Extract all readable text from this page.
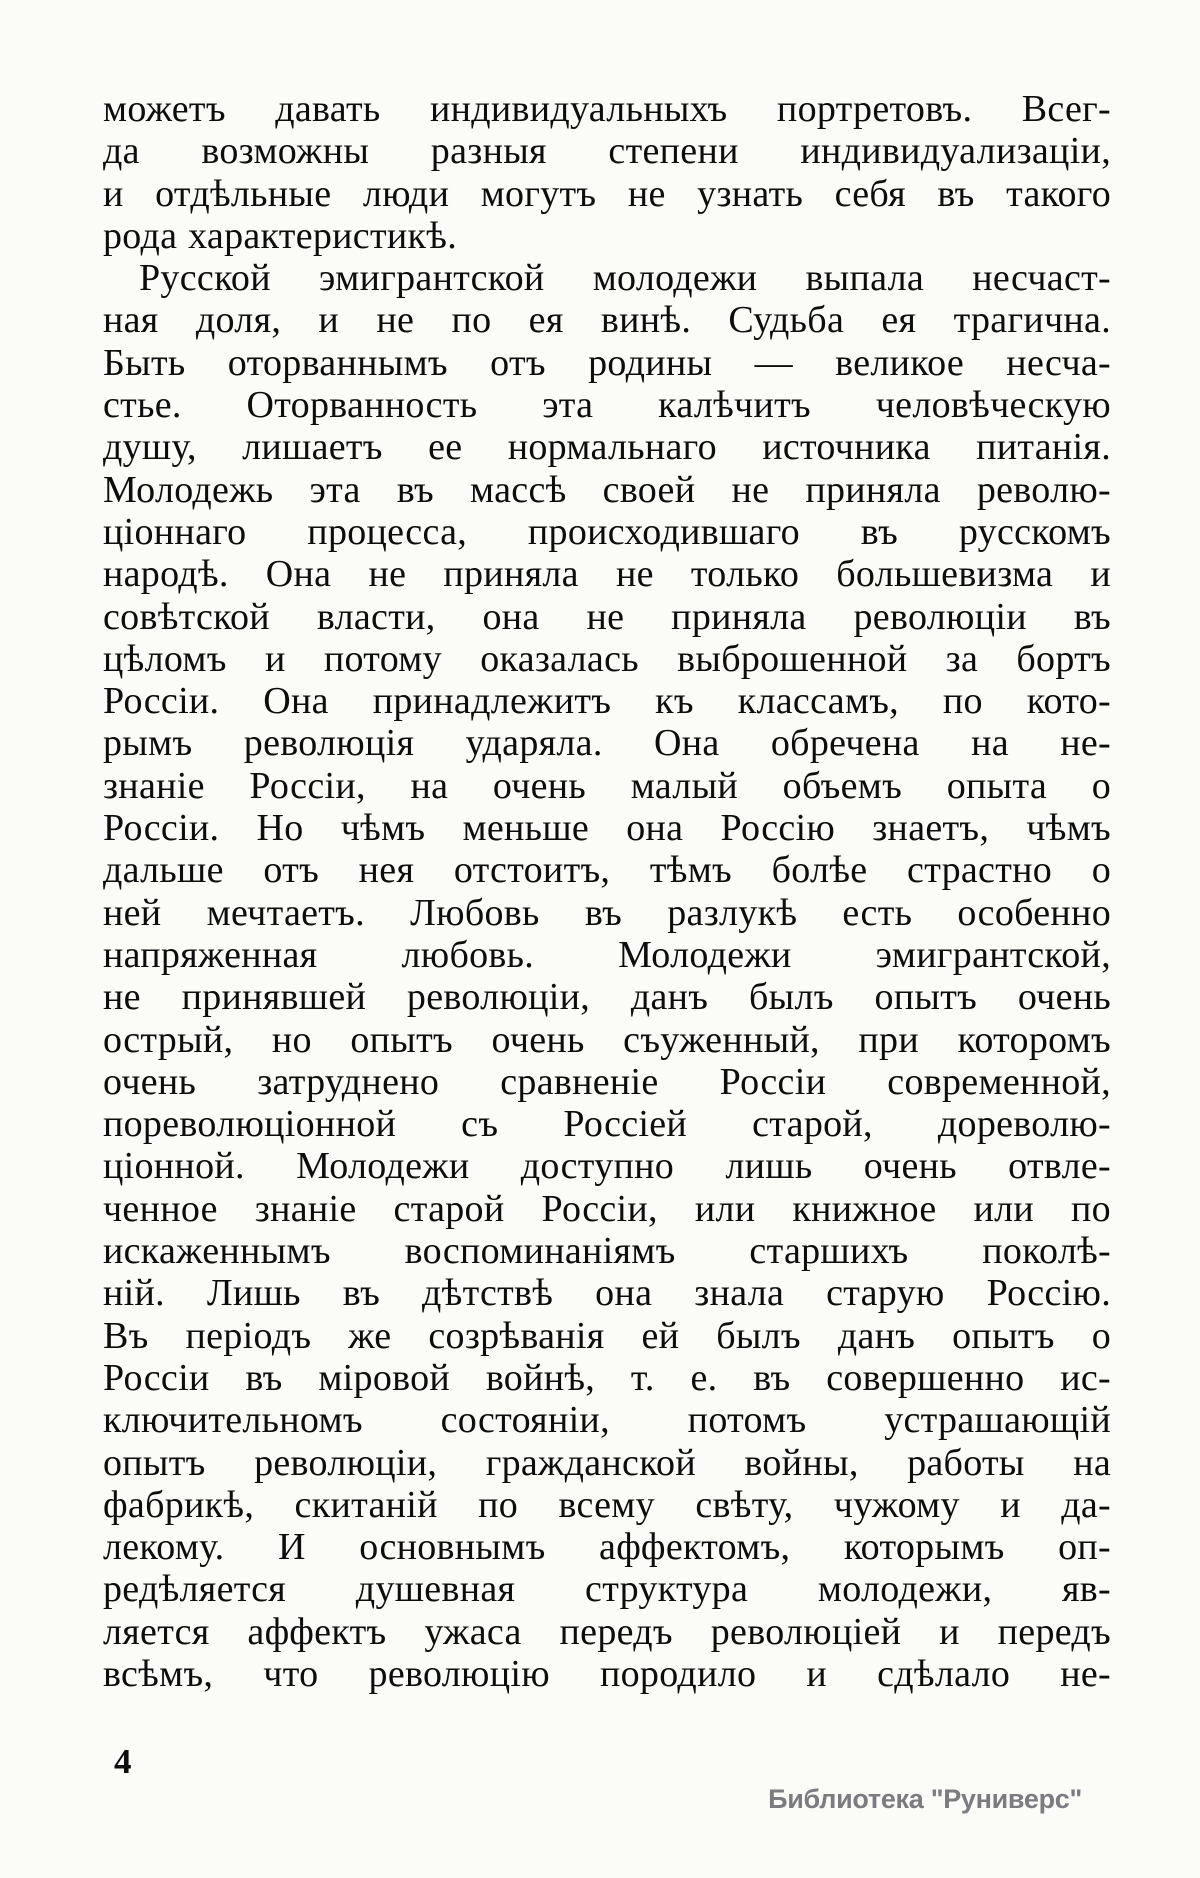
можетъ давать индивидуальныхъ портретовъ. Всег-
да возможны разныя степени индивидуализаціи,
и отдѣльные люди могутъ не узнать себя въ такого
рода характеристикѣ.
Русской эмигрантской молодежи выпала несчаст-
ная доля, и не по ея винѣ. Судьба ея трагична.
Быть оторваннымъ отъ родины — великое несча-
стье. Оторванность эта калѣчитъ человѣческую
душу, лишаетъ ее нормальнаго источника питанія.
Молодежь эта въ массѣ своей не приняла револю-
ціоннаго процесса, происходившаго въ русскомъ
народѣ. Она не приняла не только большевизма и
совѣтской власти, она не приняла революціи въ
цѣломъ и потому оказалась выброшенной за бортъ
Россіи. Она принадлежитъ къ классамъ, по кото-
рымъ революція ударяла. Она обречена на не-
знаніе Россіи, на очень малый объемъ опыта о
Россіи. Но чѣмъ меньше она Россію знаетъ, чѣмъ
дальше отъ нея отстоитъ, тѣмъ болѣе страстно о
ней мечтаетъ. Любовь въ разлукѣ есть особенно
напряженная любовь. Молодежи эмигрантской,
не принявшей революціи, данъ былъ опытъ очень
острый, но опытъ очень съуженный, при которомъ
очень затруднено сравненіе Россіи современной,
пореволюціонной съ Россіей старой, дореволю-
ціонной. Молодежи доступно лишь очень отвле-
ченное знаніе старой Россіи, или книжное или по
искаженнымъ воспоминаніямъ старшихъ поколѣ-
ній. Лишь въ дѣтствѣ она знала старую Россію.
Въ періодъ же созрѣванія ей былъ данъ опытъ о
Россіи въ міровой войнѣ, т. е. въ совершенно ис-
ключительномъ состояніи, потомъ устрашающій
опытъ революціи, гражданской войны, работы на
фабрикѣ, скитаній по всему свѣту, чужому и да-
лекому. И основнымъ аффектомъ, которымъ оп-
редѣляется душевная структура молодежи, яв-
ляется аффектъ ужаса передъ революціей и передъ
всѣмъ, что революцію породило и сдѣлало не-
4
Библиотека "Руниверс"
